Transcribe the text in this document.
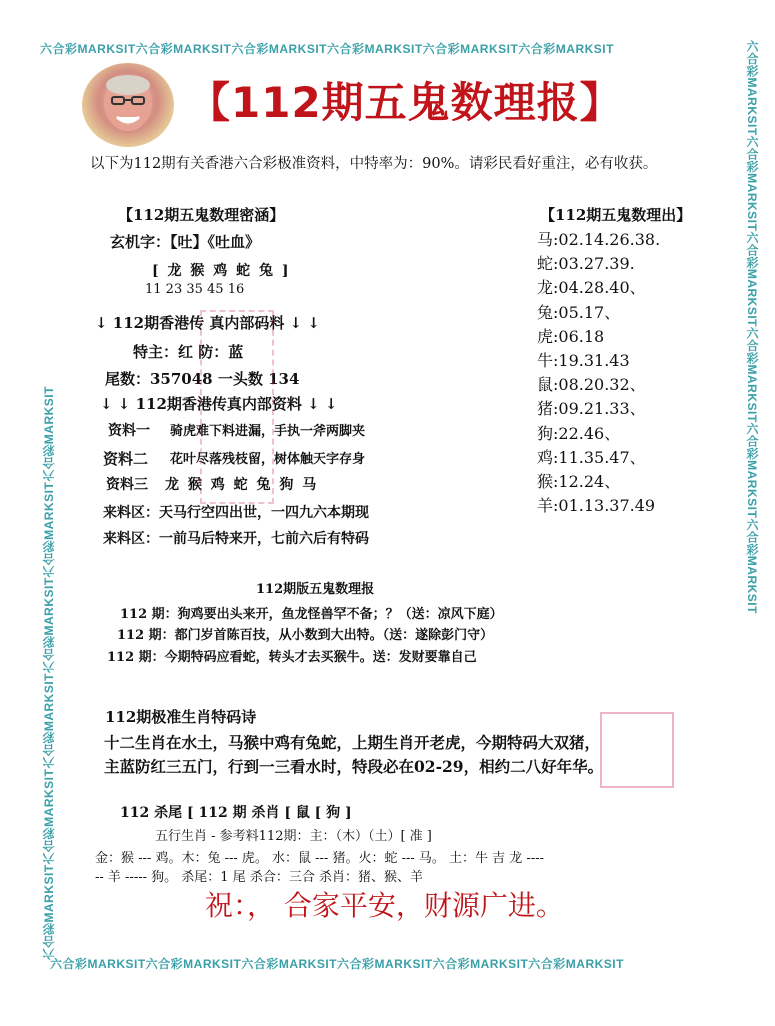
六合彩MARKSIT六合彩MARKSIT六合彩MARKSIT六合彩MARKSIT六合彩MARKSIT六合彩MARKSIT
六合彩MARKSIT六合彩MARKSIT六合彩MARKSIT六合彩MARKSIT六合彩MARKSIT六合彩MARKSIT
六合彩MARKSIT六合彩MARKSIT六合彩MARKSIT六合彩MARKSIT六合彩MARKSIT六合彩MARKSIT
六合彩MARKSIT六合彩MARKSIT六合彩MARKSIT六合彩MARKSIT六合彩MARKSIT六合彩MARKSIT
【112期五鬼数理报】
以下为112期有关香港六合彩极准资料，中特率为：90%。请彩民看好重注，必有收获。
【112期五鬼数理密涵】
玄机字：【吐】《吐血》
[ 龙 猴 鸡 蛇 兔 ]
11 23 35 45 16
↓ 112期香港传 真内部码料 ↓ ↓
特主：红 防：蓝
尾数：357048 一头数 134
↓ ↓ 112期香港传真内部资料 ↓ ↓
资料一 骑虎难下料进漏，手执一斧两脚夹
资料二 花叶尽落残枝留，树体触天字存身
资料三 龙 猴 鸡 蛇 兔 狗 马
来料区：天马行空四出世，一四九六本期现
来料区：一前马后特来开，七前六后有特码
【112期五鬼数理出】
马:02.14.26.38.
蛇:03.27.39.
龙:04.28.40、
兔:05.17、
虎:06.18
牛:19.31.43
鼠:08.20.32、
猪:09.21.33、
狗:22.46、
鸡:11.35.47、
猴:12.24、
羊:01.13.37.49
112期版五鬼数理报
112 期：狗鸡要出头来开，鱼龙怪兽罕不备；？（送：凉风下庭）
112 期：都门岁首陈百技，从小数到大出特。（送：遂除彭门守）
112 期：今期特码应看蛇，转头才去买猴牛。送：发财要靠自己
112期极准生肖特码诗
十二生肖在水土，马猴中鸡有兔蛇，上期生肖开老虎，今期特码大双猪，
主蓝防红三五门，行到一三看水时，特段必在02-29，相约二八好年华。
112 杀尾 [ 112 期 杀肖 [ 鼠 [ 狗 ]
五行生肖 - 参考料112期：主：（木）（土）[ 准 ]
金：猴 --- 鸡。木：兔 --- 虎。 水：鼠 --- 猪。火：蛇 --- 马。 土：牛 吉 龙 ----
-- 羊 ----- 狗。 杀尾：1 尾 杀合：三合 杀肖：猪、猴、羊
祝：， 合家平安，财源广进。
